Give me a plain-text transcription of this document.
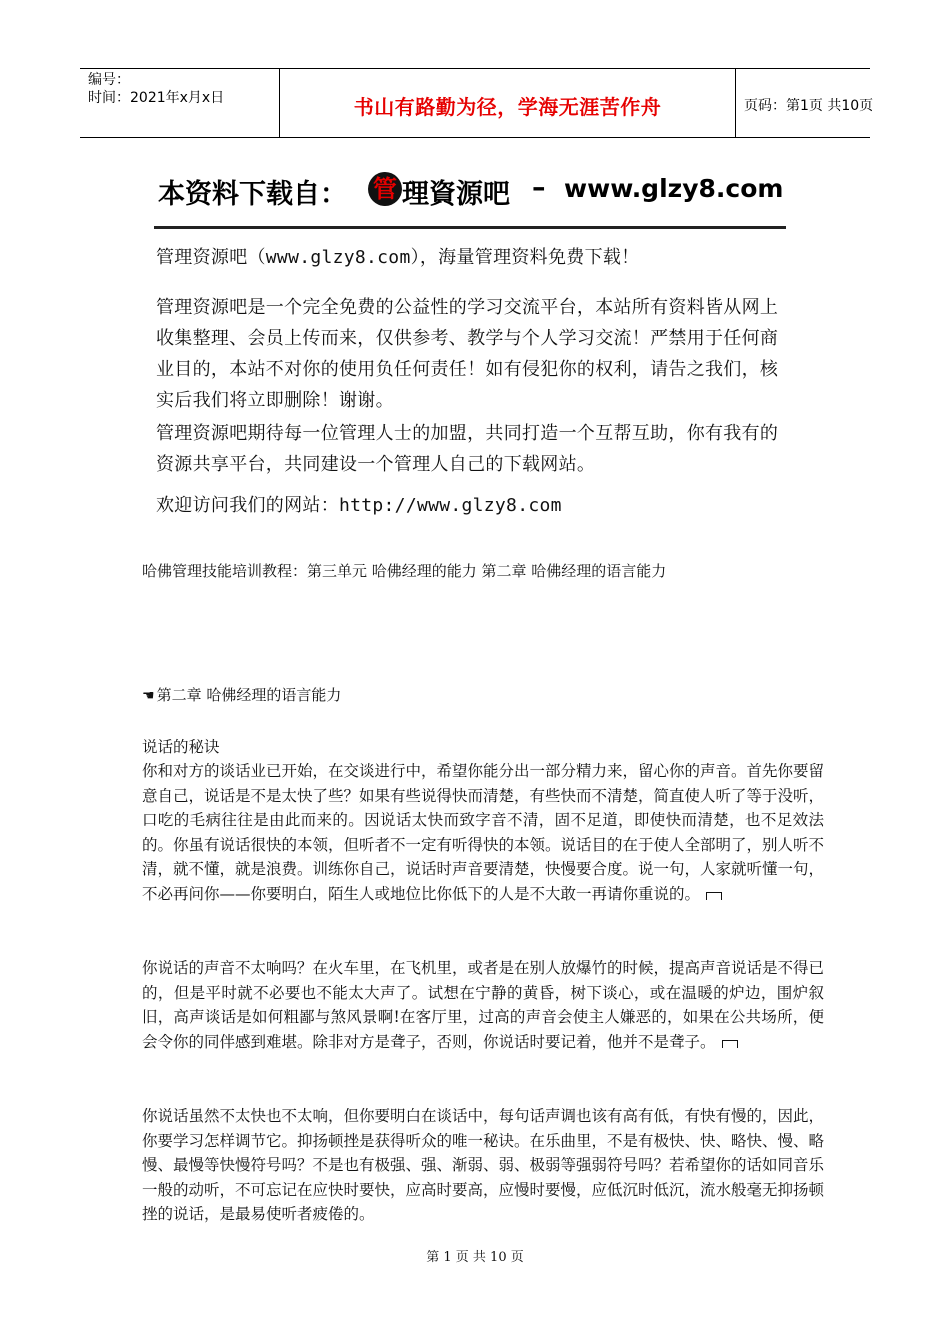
编号：
时间：2021年x月x日	书山有路勤为径，学海无涯苦作舟	页码：第1页 共10页
本资料下载自： 管 理資源吧 – www.glzy8.com
管理资源吧（www.glzy8.com），海量管理资料免费下载！
管理资源吧是一个完全免费的公益性的学习交流平台，本站所有资料皆从网上收集整理、会员上传而来，仅供参考、教学与个人学习交流！严禁用于任何商业目的，本站不对你的使用负任何责任！如有侵犯你的权利，请告之我们，核实后我们将立即删除！谢谢。
管理资源吧期待每一位管理人士的加盟，共同打造一个互帮互助，你有我有的资源共享平台，共同建设一个管理人自己的下载网站。
欢迎访问我们的网站：http://www.glzy8.com
哈佛管理技能培训教程：第三单元 哈佛经理的能力 第二章 哈佛经理的语言能力
☚ 第二章 哈佛经理的语言能力
说话的秘诀
你和对方的谈话业已开始，在交谈进行中，希望你能分出一部分精力来，留心你的声音。首先你要留意自己，说话是不是太快了些？如果有些说得快而清楚，有些快而不清楚，简直使人听了等于没听，口吃的毛病往往是由此而来的。因说话太快而致字音不清，固不足道，即使快而清楚，也不足效法的。你虽有说话很快的本领，但听者不一定有听得快的本领。说话目的在于使人全部明了，别人听不清，就不懂，就是浪费。训练你自己，说话时声音要清楚，快慢要合度。说一句，人家就听懂一句，不必再问你——你要明白，陌生人或地位比你低下的人是不大敢一再请你重说的。
你说话的声音不太响吗？在火车里，在飞机里，或者是在别人放爆竹的时候，提高声音说话是不得已的，但是平时就不必要也不能太大声了。试想在宁静的黄昏，树下谈心，或在温暖的炉边，围炉叙旧，高声谈话是如何粗鄙与煞风景啊!在客厅里，过高的声音会使主人嫌恶的，如果在公共场所，便会令你的同伴感到难堪。除非对方是聋子，否则，你说话时要记着，他并不是聋子。
你说话虽然不太快也不太响，但你要明白在谈话中，每句话声调也该有高有低，有快有慢的，因此，你要学习怎样调节它。抑扬顿挫是获得听众的唯一秘诀。在乐曲里，不是有极快、快、略快、慢、略慢、最慢等快慢符号吗？不是也有极强、强、渐弱、弱、极弱等强弱符号吗？若希望你的话如同音乐一般的动听，不可忘记在应快时要快，应高时要高，应慢时要慢，应低沉时低沉，流水般毫无抑扬顿挫的说话，是最易使听者疲倦的。
第 1 页 共 10 页
